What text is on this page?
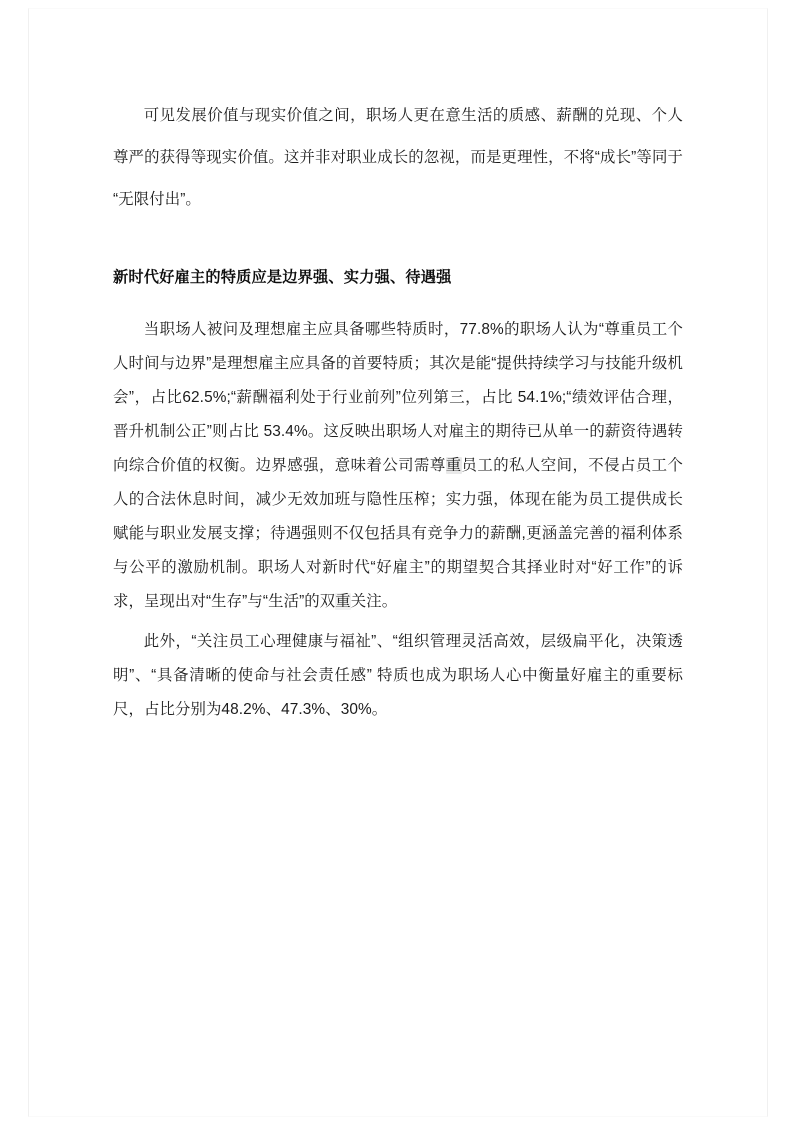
可见发展价值与现实价值之间，职场人更在意生活的质感、薪酬的兑现、个人尊严的获得等现实价值。这并非对职业成长的忽视，而是更理性，不将“成长”等同于“无限付出”。

新时代好雇主的特质应是边界强、实力强、待遇强

当职场人被问及理想雇主应具备哪些特质时，77.8%的职场人认为“尊重员工个人时间与边界”是理想雇主应具备的首要特质；其次是能“提供持续学习与技能升级机会”，占比62.5%;“薪酬福利处于行业前列”位列第三，占比 54.1%;“绩效评估合理，晋升机制公正”则占比 53.4%。这反映出职场人对雇主的期待已从单一的薪资待遇转向综合价值的权衡。边界感强，意味着公司需尊重员工的私人空间，不侵占员工个人的合法休息时间，减少无效加班与隐性压榨；实力强，体现在能为员工提供成长赋能与职业发展支撑；待遇强则不仅包括具有竞争力的薪酬,更涵盖完善的福利体系与公平的激励机制。职场人对新时代“好雇主”的期望契合其择业时对“好工作”的诉求，呈现出对“生存”与“生活”的双重关注。

此外，“关注员工心理健康与福祉”、“组织管理灵活高效，层级扁平化，决策透明”、“具备清晰的使命与社会责任感” 特质也成为职场人心中衡量好雇主的重要标尺，占比分别为48.2%、47.3%、30%。
